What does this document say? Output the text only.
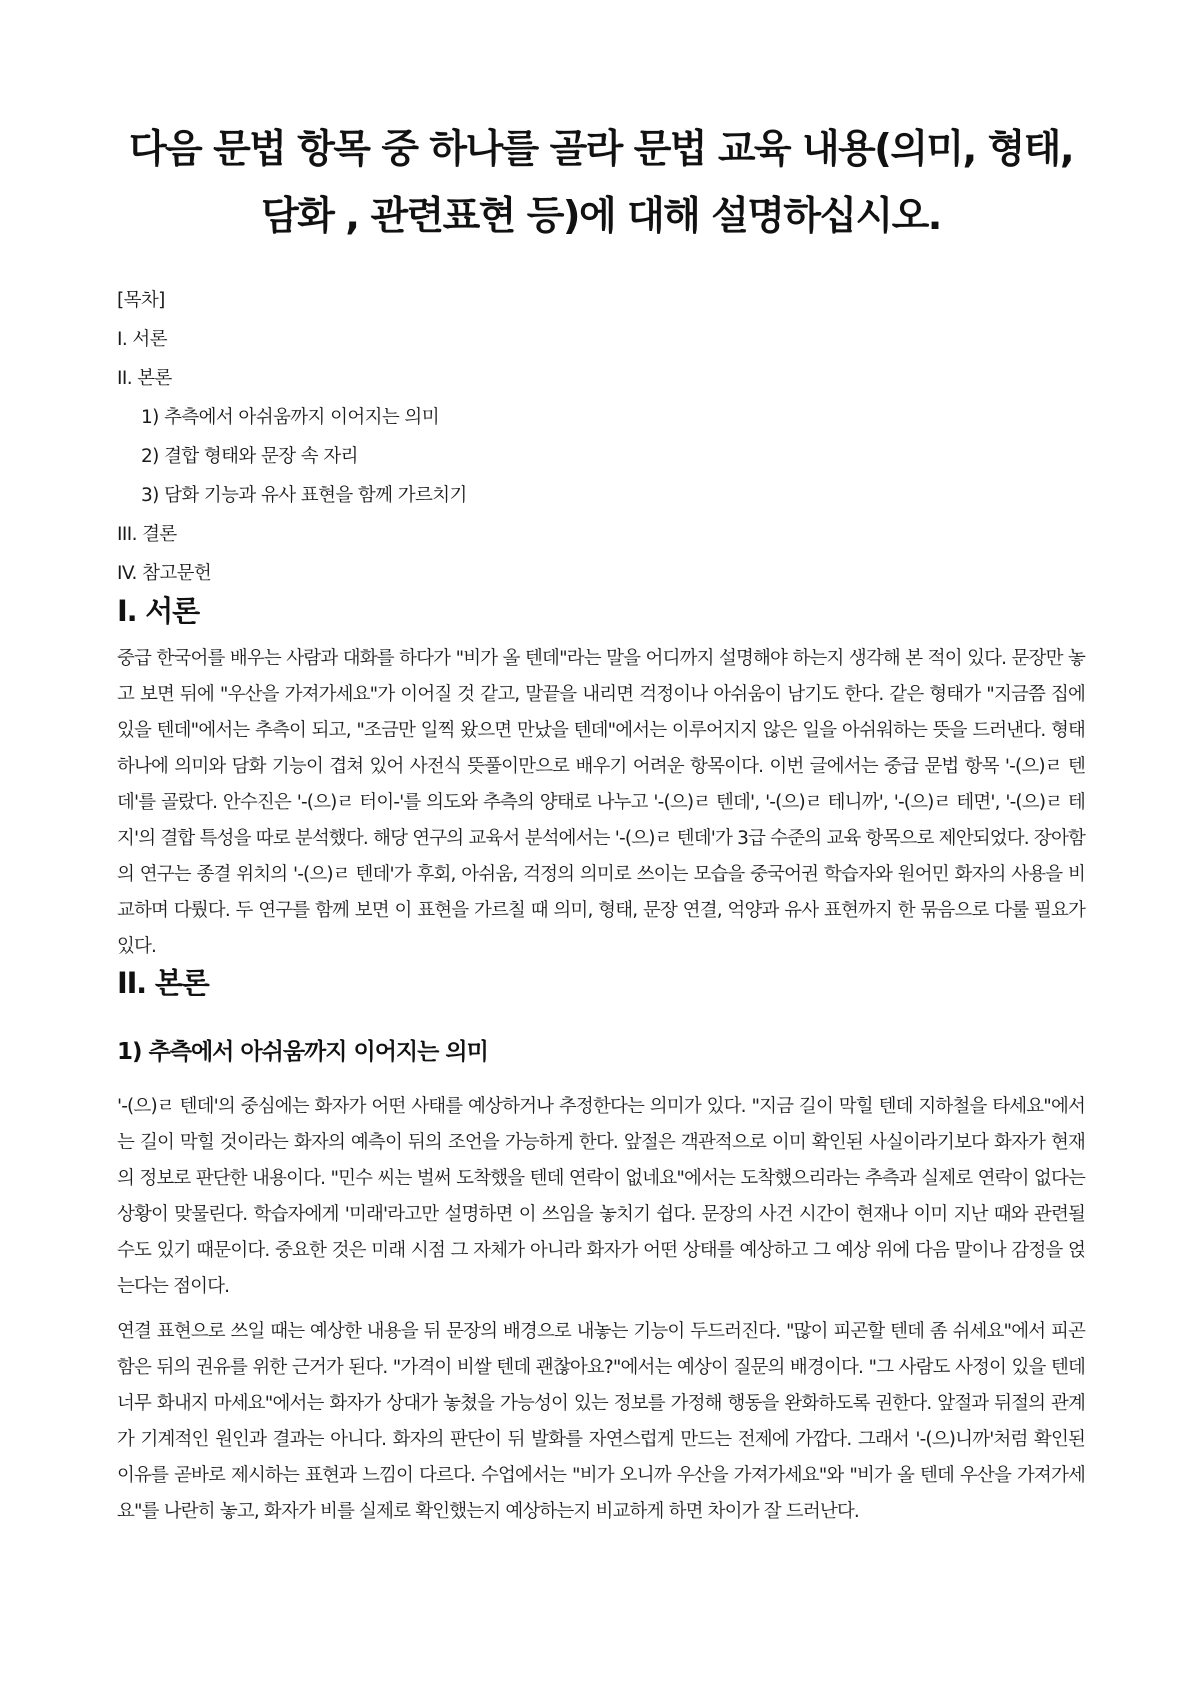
다음 문법 항목 중 하나를 골라 문법 교육 내용(의미, 형태, 담화 , 관련표현 등)에 대해 설명하십시오.
[목차]
I. 서론
II. 본론
1) 추측에서 아쉬움까지 이어지는 의미
2) 결합 형태와 문장 속 자리
3) 담화 기능과 유사 표현을 함께 가르치기
III. 결론
IV. 참고문헌
I. 서론

중급 한국어를 배우는 사람과 대화를 하다가 "비가 올 텐데"라는 말을 어디까지 설명해야 하는지 생각해 본 적이 있다. 문장만 놓고 보면 뒤에 "우산을 가져가세요"가 이어질 것 같고, 말끝을 내리면 걱정이나 아쉬움이 남기도 한다. 같은 형태가 "지금쯤 집에 있을 텐데"에서는 추측이 되고, "조금만 일찍 왔으면 만났을 텐데"에서는 이루어지지 않은 일을 아쉬워하는 뜻을 드러낸다. 형태 하나에 의미와 담화 기능이 겹쳐 있어 사전식 뜻풀이만으로 배우기 어려운 항목이다. 이번 글에서는 중급 문법 항목 '-(으)ㄹ 텐데'를 골랐다. 안수진은 '-(으)ㄹ 터이-'를 의도와 추측의 양태로 나누고 '-(으)ㄹ 텐데', '-(으)ㄹ 테니까', '-(으)ㄹ 테면', '-(으)ㄹ 테지'의 결합 특성을 따로 분석했다. 해당 연구의 교육서 분석에서는 '-(으)ㄹ 텐데'가 3급 수준의 교육 항목으로 제안되었다. 장아함의 연구는 종결 위치의 '-(으)ㄹ 텐데'가 후회, 아쉬움, 걱정의 의미로 쓰이는 모습을 중국어권 학습자와 원어민 화자의 사용을 비교하며 다뤘다. 두 연구를 함께 보면 이 표현을 가르칠 때 의미, 형태, 문장 연결, 억양과 유사 표현까지 한 묶음으로 다룰 필요가 있다.

II. 본론
1) 추측에서 아쉬움까지 이어지는 의미

'-(으)ㄹ 텐데'의 중심에는 화자가 어떤 사태를 예상하거나 추정한다는 의미가 있다. "지금 길이 막힐 텐데 지하철을 타세요"에서는 길이 막힐 것이라는 화자의 예측이 뒤의 조언을 가능하게 한다. 앞절은 객관적으로 이미 확인된 사실이라기보다 화자가 현재의 정보로 판단한 내용이다. "민수 씨는 벌써 도착했을 텐데 연락이 없네요"에서는 도착했으리라는 추측과 실제로 연락이 없다는 상황이 맞물린다. 학습자에게 '미래'라고만 설명하면 이 쓰임을 놓치기 쉽다. 문장의 사건 시간이 현재나 이미 지난 때와 관련될 수도 있기 때문이다. 중요한 것은 미래 시점 그 자체가 아니라 화자가 어떤 상태를 예상하고 그 예상 위에 다음 말이나 감정을 얹는다는 점이다.

연결 표현으로 쓰일 때는 예상한 내용을 뒤 문장의 배경으로 내놓는 기능이 두드러진다. "많이 피곤할 텐데 좀 쉬세요"에서 피곤함은 뒤의 권유를 위한 근거가 된다. "가격이 비쌀 텐데 괜찮아요?"에서는 예상이 질문의 배경이다. "그 사람도 사정이 있을 텐데 너무 화내지 마세요"에서는 화자가 상대가 놓쳤을 가능성이 있는 정보를 가정해 행동을 완화하도록 권한다. 앞절과 뒤절의 관계가 기계적인 원인과 결과는 아니다. 화자의 판단이 뒤 발화를 자연스럽게 만드는 전제에 가깝다. 그래서 '-(으)니까'처럼 확인된 이유를 곧바로 제시하는 표현과 느낌이 다르다. 수업에서는 "비가 오니까 우산을 가져가세요"와 "비가 올 텐데 우산을 가져가세요"를 나란히 놓고, 화자가 비를 실제로 확인했는지 예상하는지 비교하게 하면 차이가 잘 드러난다.
